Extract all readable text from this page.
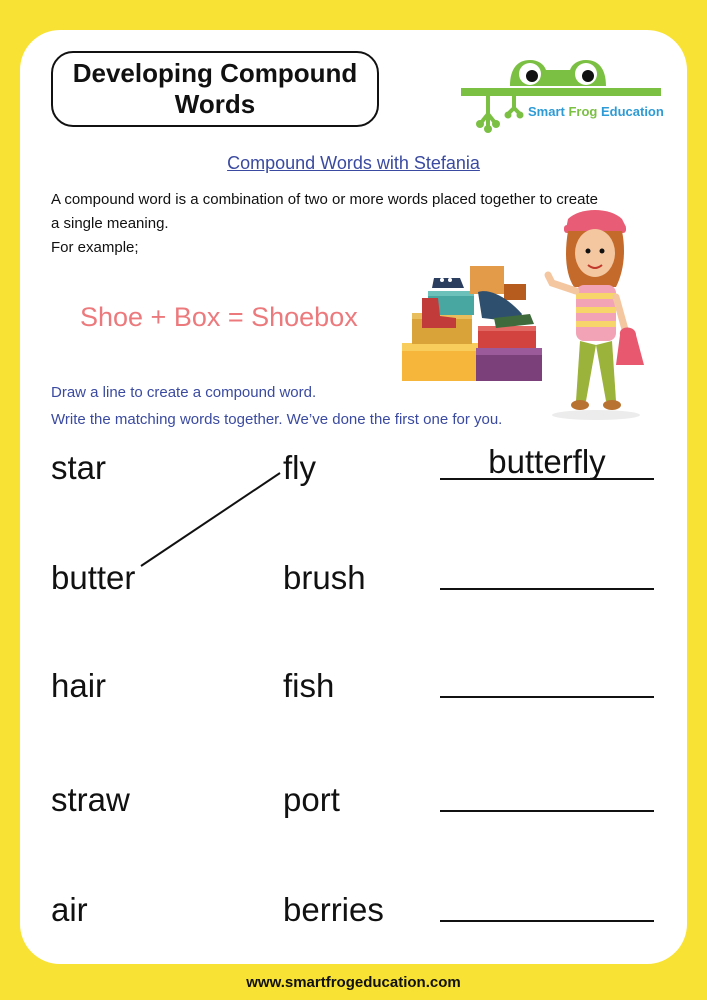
Developing Compound
Words	Smart Frog Education
Compound Words with Stefania

A compound word is a combination of two or more words placed together to create

a single meaning.

For example;

Shoe + Box = Shoebox

Draw a line to create a compound word.

Write the matching words together. We’ve done the first one for you.

star
butter
hair
straw
air
fly
brush
fish
port
berries
butterfly
www.smartfrogeducation.com
